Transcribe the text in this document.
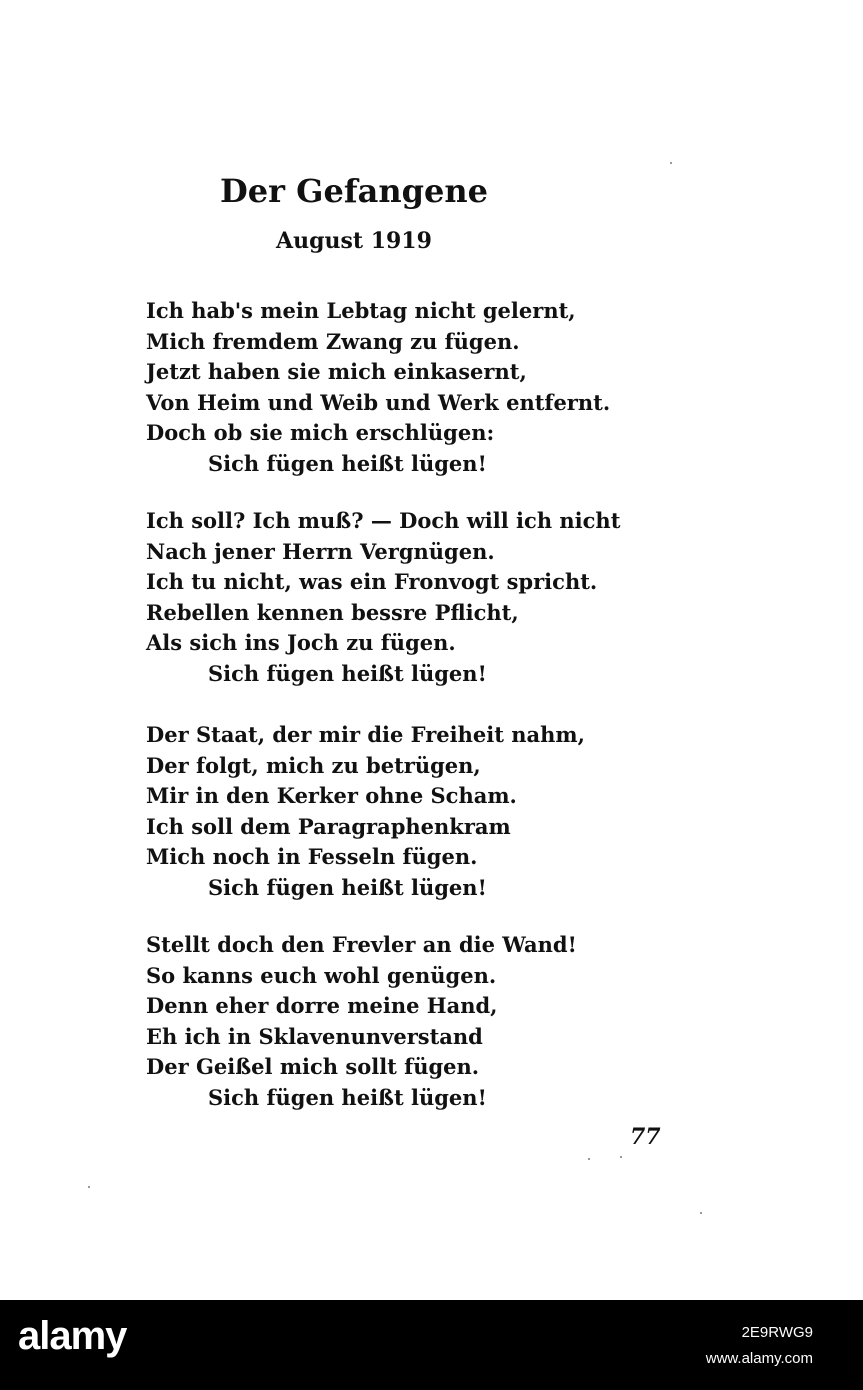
Der Gefangene
August 1919
Ich hab's mein Lebtag nicht gelernt,
Mich fremdem Zwang zu fügen.
Jetzt haben sie mich einkasernt,
Von Heim und Weib und Werk entfernt.
Doch ob sie mich erschlügen:
Sich fügen heißt lügen!
Ich soll? Ich muß? — Doch will ich nicht
Nach jener Herrn Vergnügen.
Ich tu nicht, was ein Fronvogt spricht.
Rebellen kennen bessre Pflicht,
Als sich ins Joch zu fügen.
Sich fügen heißt lügen!
Der Staat, der mir die Freiheit nahm,
Der folgt, mich zu betrügen,
Mir in den Kerker ohne Scham.
Ich soll dem Paragraphenkram
Mich noch in Fesseln fügen.
Sich fügen heißt lügen!
Stellt doch den Frevler an die Wand!
So kanns euch wohl genügen.
Denn eher dorre meine Hand,
Eh ich in Sklavenunverstand
Der Geißel mich sollt fügen.
Sich fügen heißt lügen!
77
alamy	2E9RWG9
www.alamy.com
